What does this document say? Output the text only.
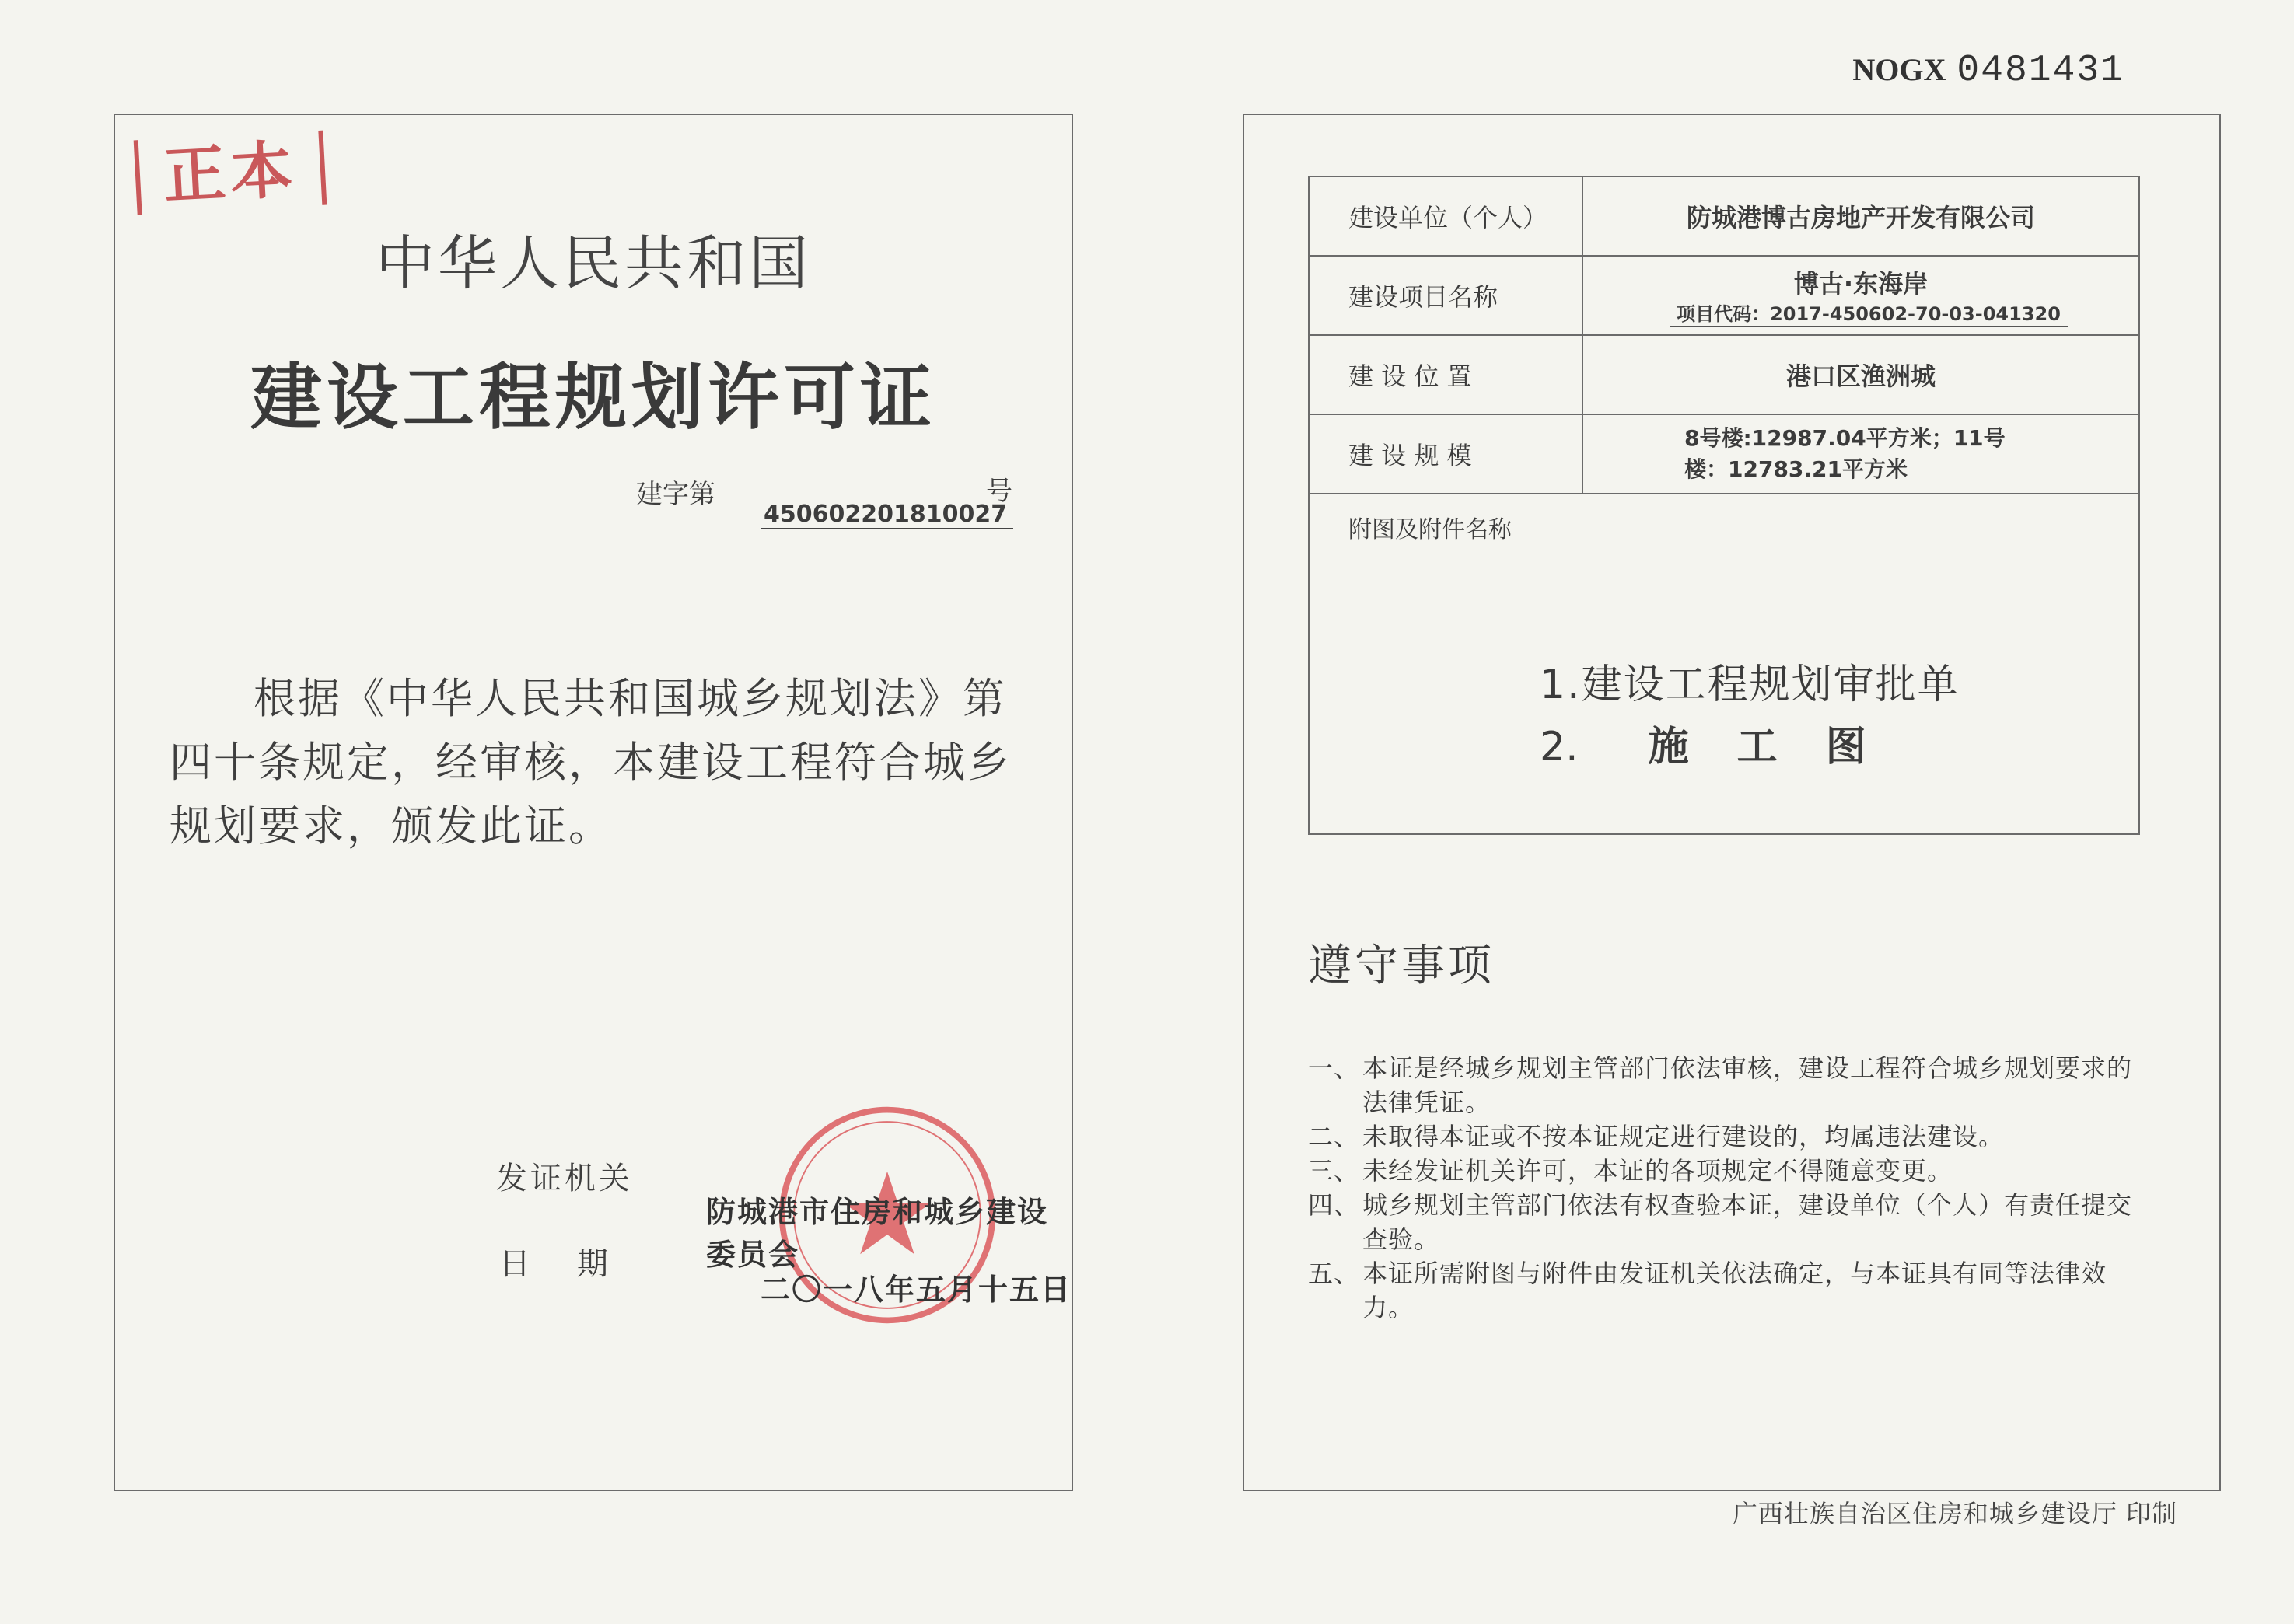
NOGX 0481431
正本
中华人民共和国
建设工程规划许可证
建字第
450602201810027
号
根据《中华人民共和国城乡规划法》第四十条规定，经审核，本建设工程符合城乡规划要求，颁发此证。
发证机关
日期
防城港市住房和城乡建设委员会
二〇一八年五月十五日
建设单位（个人）	防城港博古房地产开发有限公司
建设项目名称	博古·东海岸
项目代码：2017-450602-70-03-041320

建 设 位 置	港口区渔洲城
建 设 规 模	8号楼:12987.04平方米；11号
楼：12783.21平方米

附图及附件名称
1.建设工程规划审批单
2. 施工图	
遵守事项
一、 本证是经城乡规划主管部门依法审核，建设工程符合城乡规划要求的法律凭证。
二、 未取得本证或不按本证规定进行建设的，均属违法建设。
三、 未经发证机关许可，本证的各项规定不得随意变更。
四、 城乡规划主管部门依法有权查验本证，建设单位（个人）有责任提交查验。
五、 本证所需附图与附件由发证机关依法确定，与本证具有同等法律效力。
广西壮族自治区住房和城乡建设厅 印制
